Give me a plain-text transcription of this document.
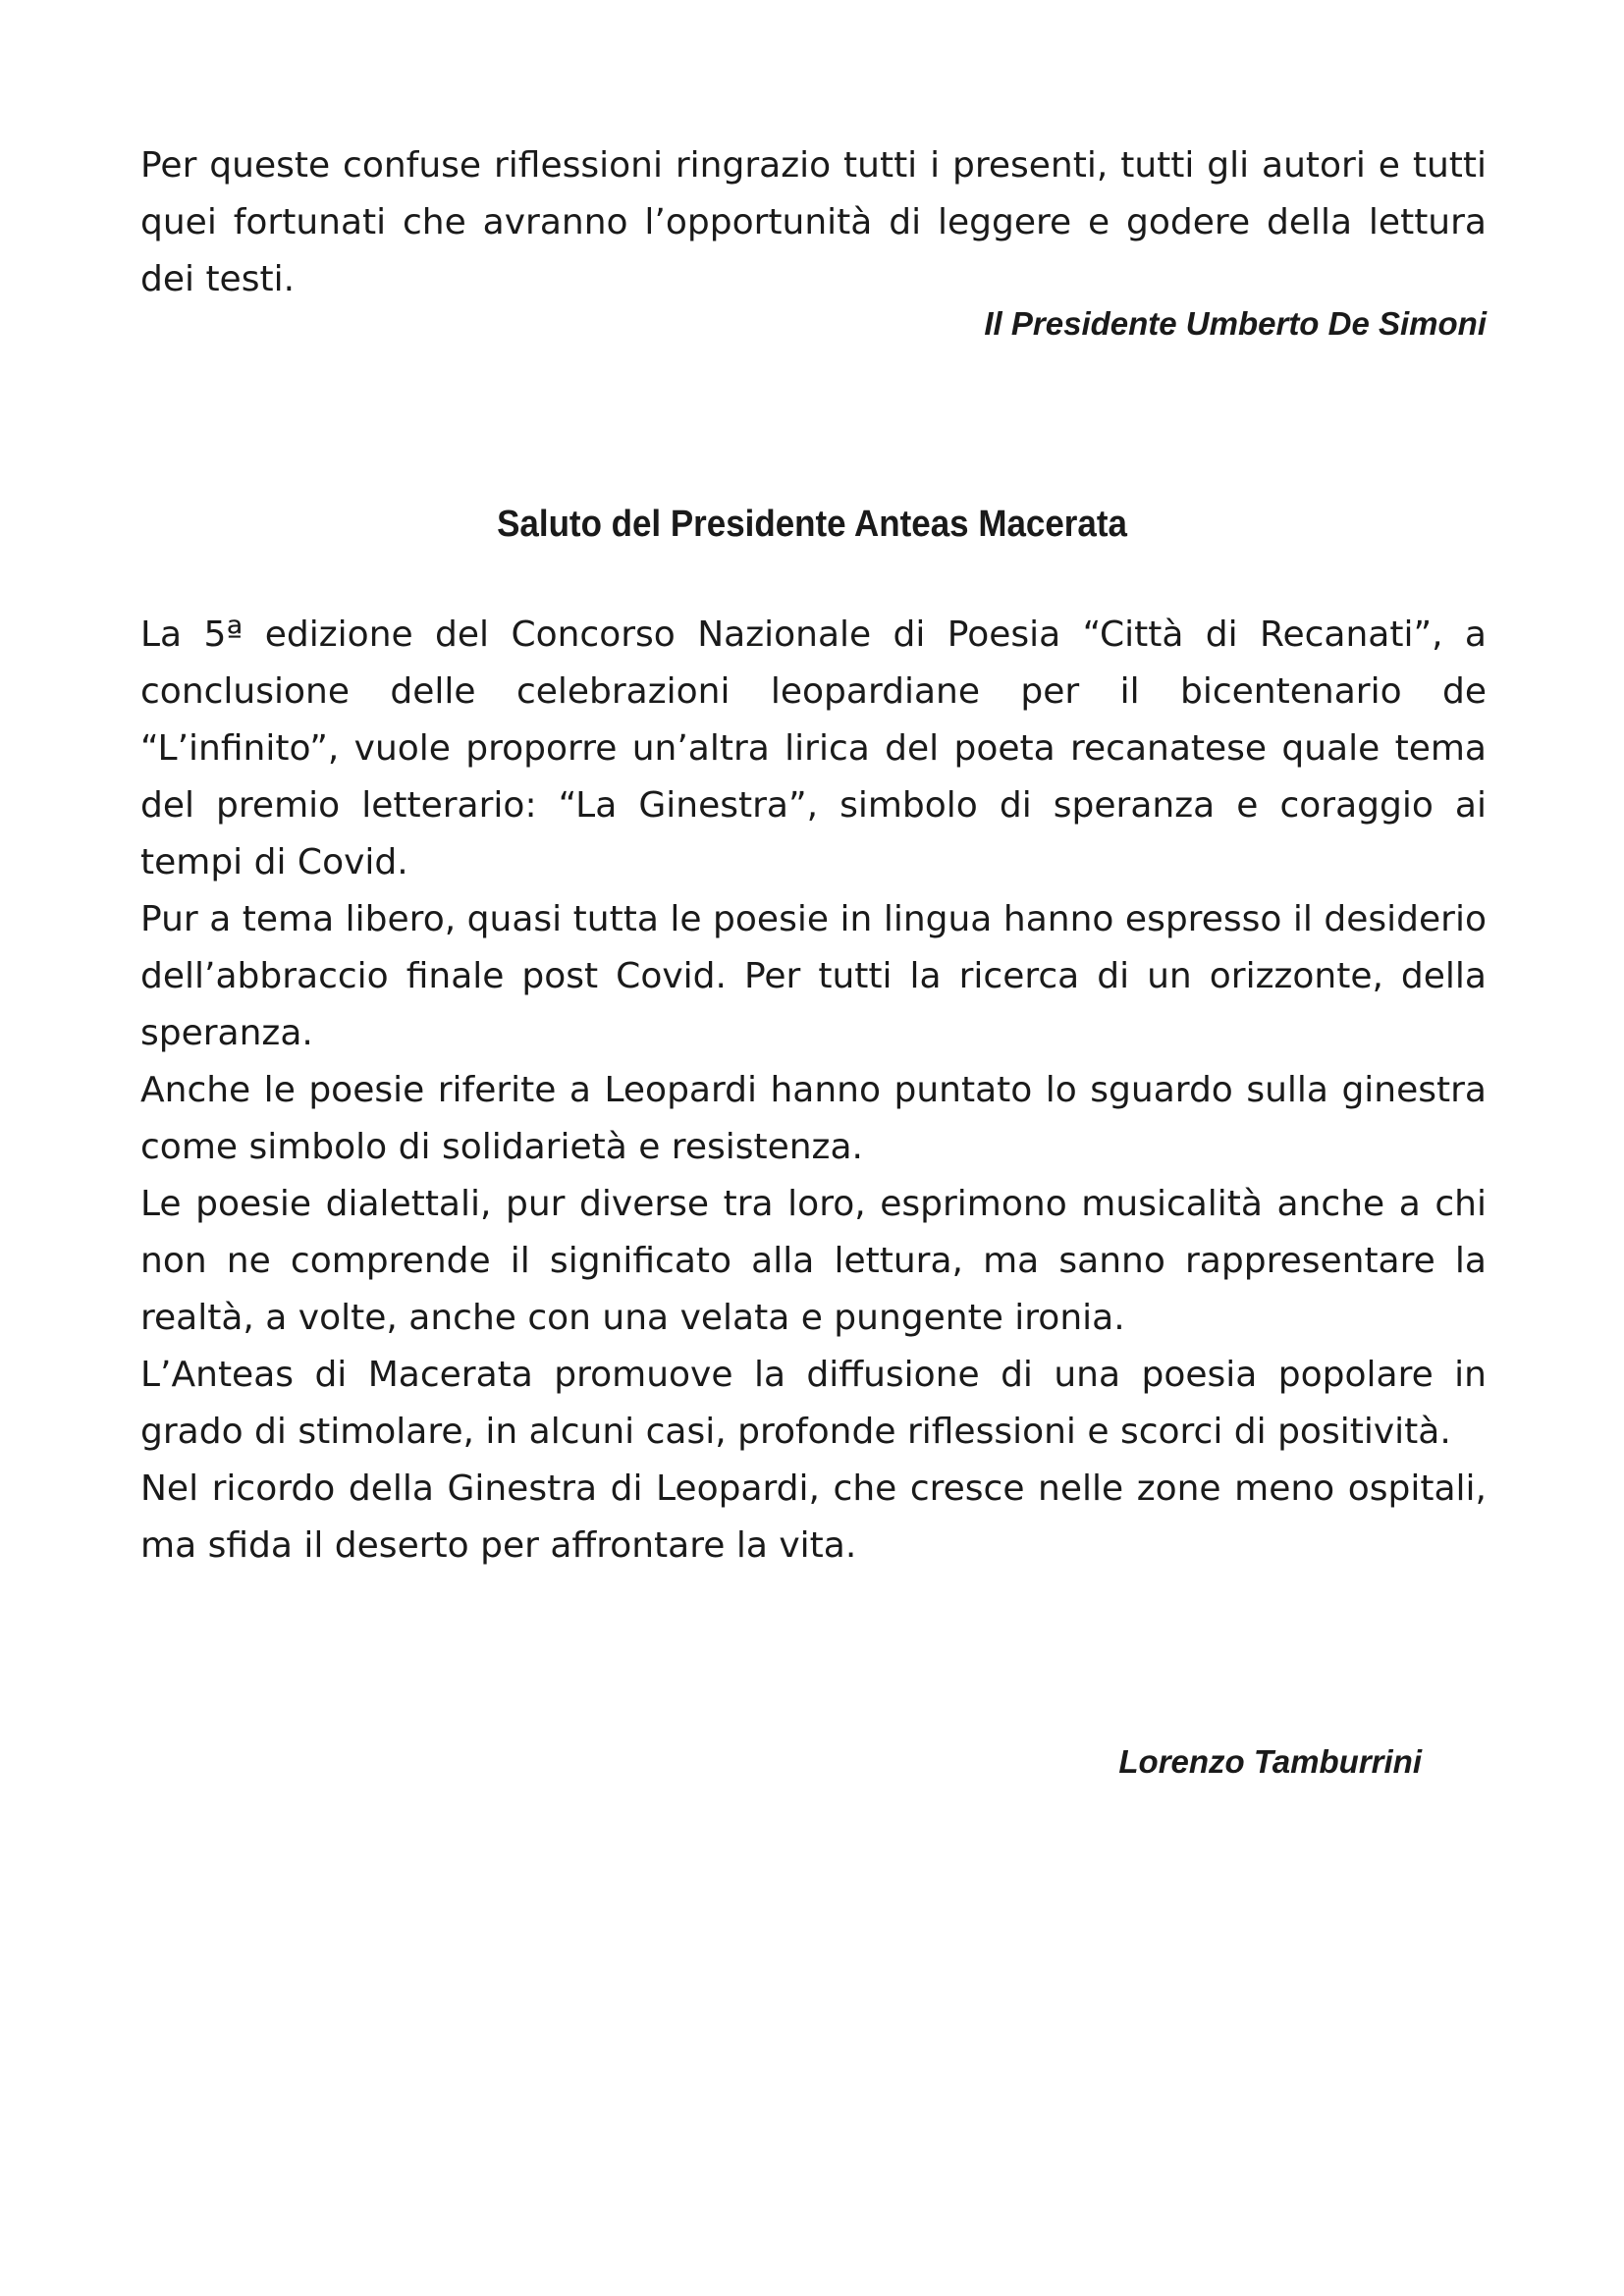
Per queste confuse riflessioni ringrazio tutti i presenti, tutti gli autori e tutti quei fortunati che avranno l’opportunità di leggere e godere della lettura dei testi.

Il Presidente Umberto De Simoni
Saluto del Presidente Anteas Macerata

La 5ª edizione del Concorso Nazionale di Poesia “Città di Recanati”, a conclusione delle celebrazioni leopardiane per il bicentenario de “L’infinito”, vuole proporre un’altra lirica del poeta recanatese quale tema del premio letterario: “La Ginestra”, simbolo di speranza e coraggio ai tempi di Covid.

Pur a tema libero, quasi tutta le poesie in lingua hanno espresso il desiderio dell’abbraccio finale post Covid. Per tutti la ricerca di un orizzonte, della speranza.

Anche le poesie riferite a Leopardi hanno puntato lo sguardo sulla ginestra come simbolo di solidarietà e resistenza.

Le poesie dialettali, pur diverse tra loro, esprimono musicalità anche a chi non ne comprende il significato alla lettura, ma sanno rappresentare la realtà, a volte, anche con una velata e pungente ironia.

L’Anteas di Macerata promuove la diffusione di una poesia popolare in grado di stimolare, in alcuni casi, profonde riflessioni e scorci di positività.

Nel ricordo della Ginestra di Leopardi, che cresce nelle zone meno ospitali, ma sfida il deserto per affrontare la vita.

Lorenzo Tamburrini
